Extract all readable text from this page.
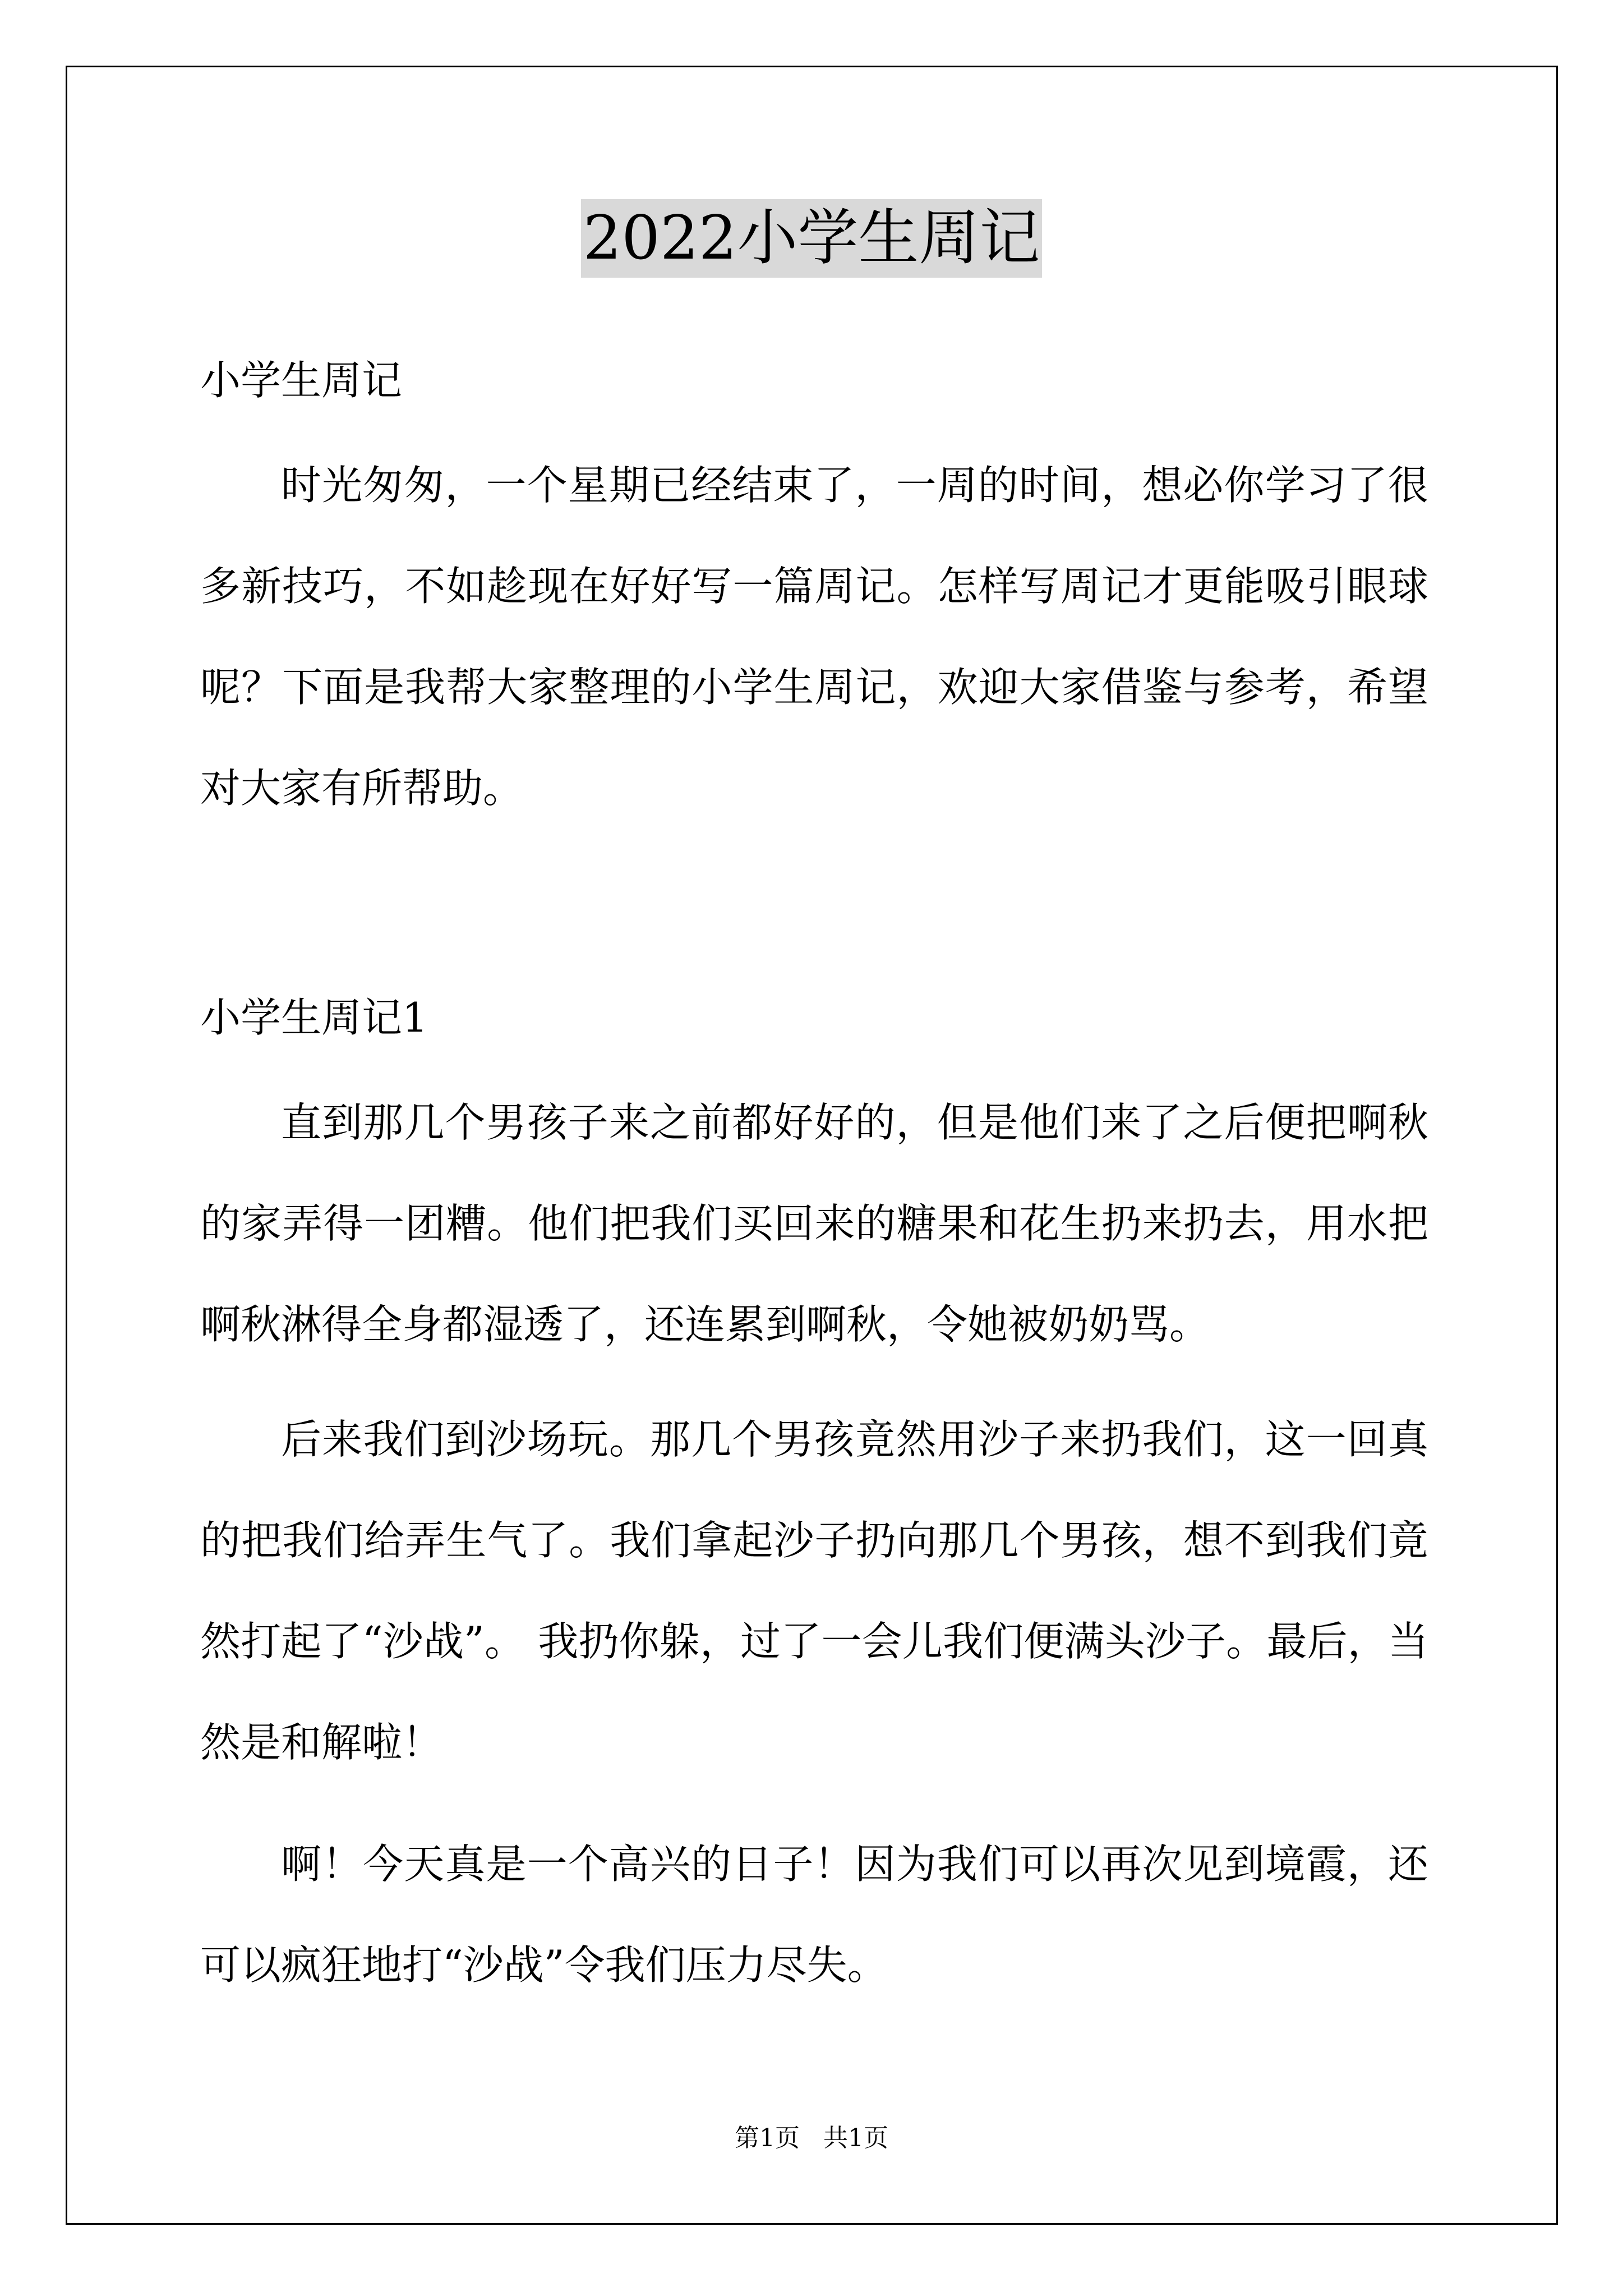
2022小学生周记

小学生周记

时光匆匆，一个星期已经结束了，一周的时间，想必你学习了很多新技巧，不如趁现在好好写一篇周记。怎样写周记才更能吸引眼球呢？下面是我帮大家整理的小学生周记，欢迎大家借鉴与参考，希望对大家有所帮助。

小学生周记1

直到那几个男孩子来之前都好好的，但是他们来了之后便把啊秋的家弄得一团糟。他们把我们买回来的糖果和花生扔来扔去，用水把啊秋淋得全身都湿透了，还连累到啊秋，令她被奶奶骂。

后来我们到沙场玩。那几个男孩竟然用沙子来扔我们，这一回真的把我们给弄生气了。我们拿起沙子扔向那几个男孩，想不到我们竟然打起了“沙战”。 我扔你躲，过了一会儿我们便满头沙子。最后，当然是和解啦！

啊！今天真是一个高兴的日子！因为我们可以再次见到境霞，还可以疯狂地打“沙战”令我们压力尽失。

第1页   共1页
